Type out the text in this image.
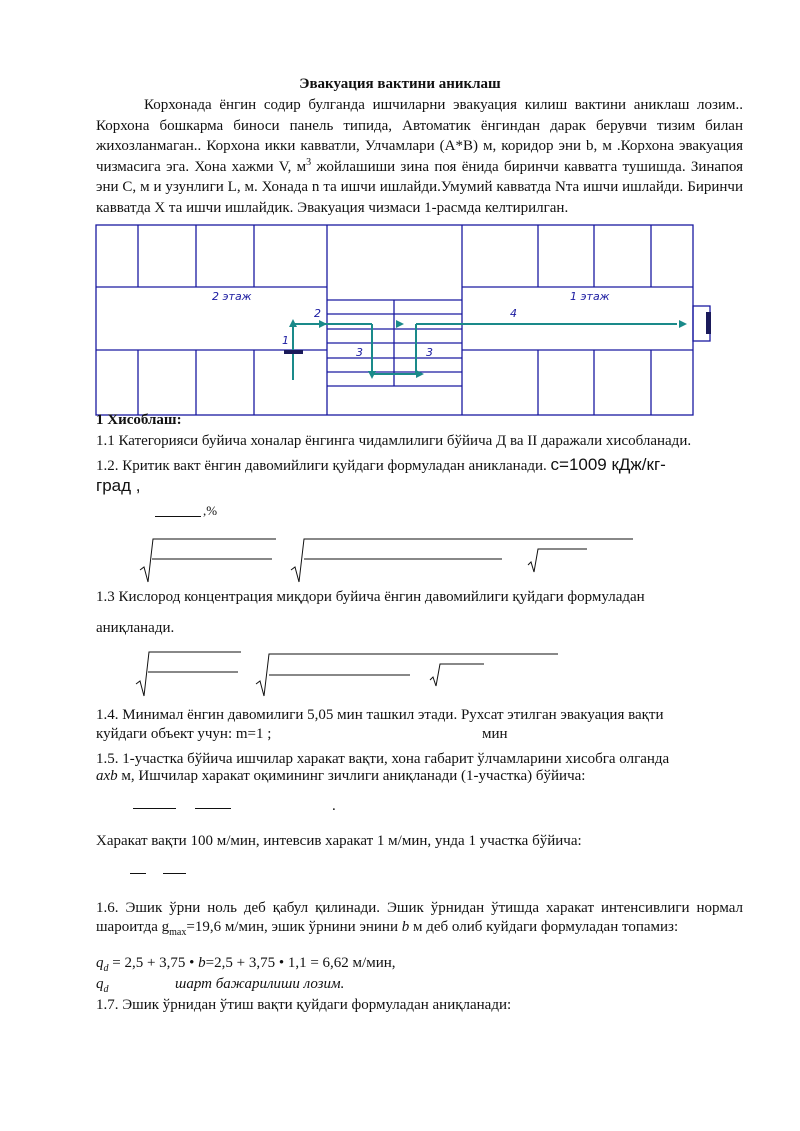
Эвакуация вактини аниклаш
Корхонада ёнгин содир булганда ишчиларни эвакуация килиш вактини аниклаш лозим.. Корхона бошкарма биноси панель типида, Автоматик ёнгиндан дарак берувчи тизим билан жихозланмаган.. Корхона икки кавватли, Улчамлари (А*В) м, коридор эни b, м .Корхона эвакуация чизмасига эга. Хона хажми V, $м^3$ жойлашиши зина поя ёнида биринчи кавватга тушишда. Зинапоя эни С, м и узунлиги L, м. Хонада n та ишчи ишлайди.Умумий кавватда Nта ишчи ишлайди. Биринчи кавватда Х та ишчи ишлайдик. Эвакуация чизмаси 1-расмда келтирилган.
2 этаж	1 этаж
1
2
3	3
4
1 Хисоблаш:
1.1 Категорияси буйича хоналар ёнгинга чидамлилиги бўйича Д ва II даражали хисобланади.
1.2. Критик вакт ёнгин давомийлиги қуйдаги формуладан аникланади. с=1009 кДж/кг-
град ,
,%
1.3 Кислород концентрация миқдори буйича ёнгин давомийлиги қуйдаги формуладан
аниқланади.
1.4. Минимал ёнгин давомилиги 5,05 мин ташкил этади. Рухсат этилган эвакуация вақти
куйдаги объект учун: m=1 ;	мин
1.5. 1-участка бўйича ишчилар харакат вақти, хона габарит ўлчамларини хисобга олганда
axb м, Ишчилар харакат оқимининг зичлиги аниқланади (1-участка) бўйича:
.
Харакат вақти 100 м/мин, интевсив харакат 1 м/мин, унда 1 участка бўйича:
1.6. Эшик ўрни ноль деб қабул қилинади. Эшик ўрнидан ўтишда харакат интенсивлиги нормал шароитда $g_{max}=19,6$ м/мин, эшик ўрнини энини b м деб олиб куйдаги формуладан топамиз:
$q_d = 2,5 + 3,75$ • b=2,5 + 3,75 • 1,1 = 6,62 м/мин,
$q_d$	шарт бажарилиши лозим.
1.7. Эшик ўрнидан ўтиш вақти қуйдаги формуладан аниқланади:
